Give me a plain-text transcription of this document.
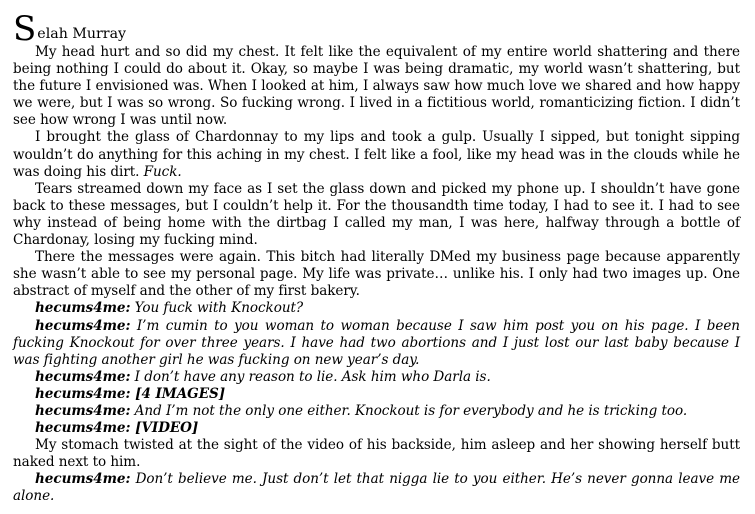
S elah Murray

My head hurt and so did my chest. It felt like the equivalent of my entire world shattering and there being nothing I could do about it. Okay, so maybe I was being dramatic, my world wasn’t shattering, but the future I envisioned was. When I looked at him, I always saw how much love we shared and how happy we were, but I was so wrong. So fucking wrong. I lived in a fictitious world, romanticizing fiction. I didn’t see how wrong I was until now.

I brought the glass of Chardonnay to my lips and took a gulp. Usually I sipped, but tonight sipping wouldn’t do anything for this aching in my chest. I felt like a fool, like my head was in the clouds while he was doing his dirt. Fuck.

Tears streamed down my face as I set the glass down and picked my phone up. I shouldn’t have gone back to these messages, but I couldn’t help it. For the thousandth time today, I had to see it. I had to see why instead of being home with the dirtbag I called my man, I was here, halfway through a bottle of Chardonay, losing my fucking mind.

There the messages were again. This bitch had literally DMed my business page because apparently she wasn’t able to see my personal page. My life was private… unlike his. I only had two images up. One abstract of myself and the other of my first bakery.

hecums4me: You fuck with Knockout?

hecums4me: I’m cumin to you woman to woman because I saw him post you on his page. I been fucking Knockout for over three years. I have had two abortions and I just lost our last baby because I was fighting another girl he was fucking on new year’s day.

hecums4me: I don’t have any reason to lie. Ask him who Darla is.

hecums4me: [4 IMAGES]

hecums4me: And I’m not the only one either. Knockout is for everybody and he is tricking too.

hecums4me: [VIDEO]

My stomach twisted at the sight of the video of his backside, him asleep and her showing herself butt naked next to him.

hecums4me: Don’t believe me. Just don’t let that nigga lie to you either. He’s never gonna leave me alone.
